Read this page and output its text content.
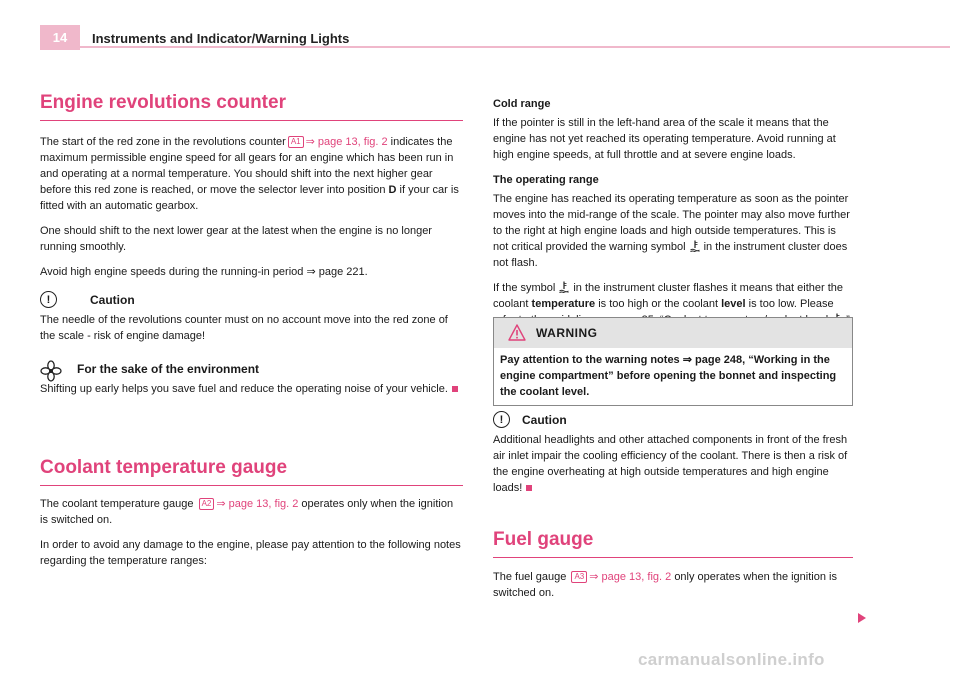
14	Instruments and Indicator/Warning Lights
Engine revolutions counter

The start of the red zone in the revolutions counter A1 ⇒ page 13, fig. 2 indicates the maximum permissible engine speed for all gears for an engine which has been run in and operating at a normal temperature. You should shift into the next higher gear before this red zone is reached, or move the selector lever into position D if your car is fitted with an automatic gearbox.

One should shift to the next lower gear at the latest when the engine is no longer running smoothly.

Avoid high engine speeds during the running-in period ⇒ page 221.

!	Caution

The needle of the revolutions counter must on no account move into the red zone of the scale - risk of engine damage!

For the sake of the environment

Shifting up early helps you save fuel and reduce the operating noise of your vehicle.

Coolant temperature gauge

The coolant temperature gauge A2 ⇒ page 13, fig. 2 operates only when the ignition is switched on.

In order to avoid any damage to the engine, please pay attention to the following notes regarding the temperature ranges:

Cold range

If the pointer is still in the left-hand area of the scale it means that the engine has not yet reached its operating temperature. Avoid running at high engine speeds, at full throttle and at severe engine loads.

The operating range

The engine has reached its operating temperature as soon as the pointer moves into the mid-range of the scale. The pointer may also move further to the right at high engine loads and high outside temperatures. This is not critical provided the warning symbol in the instrument cluster does not flash.

If the symbol in the instrument cluster flashes it means that either the coolant temperature is too high or the coolant level is too low. Please

WARNING
Pay attention to the warning notes ⇒ page 248, “Working in the engine compartment” before opening the bonnet and inspecting the coolant level.
!	Caution

Additional headlights and other attached components in front of the fresh air inlet impair the cooling efficiency of the coolant. There is then a risk of the engine overheating at high outside temperatures and high engine loads!

Fuel gauge

The fuel gauge A3 ⇒ page 13, fig. 2 only operates when the ignition is switched on.

carmanualsonline.info
